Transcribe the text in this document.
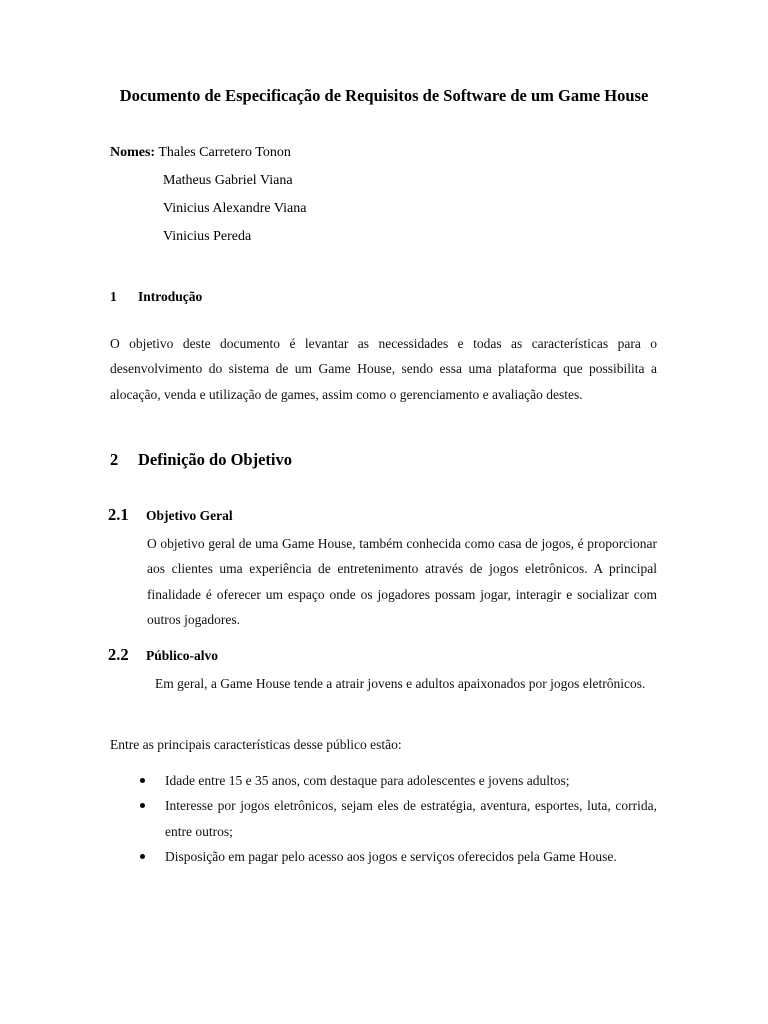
Documento de Especificação de Requisitos de Software de um Game House
Nomes: Thales Carretero Tonon
Matheus Gabriel Viana
Vinicius Alexandre Viana
Vinicius Pereda
1 Introdução
O objetivo deste documento é levantar as necessidades e todas as características para o desenvolvimento do sistema de um Game House, sendo essa uma plataforma que possibilita a alocação, venda e utilização de games, assim como o gerenciamento e avaliação destes.
2 Definição do Objetivo
2.1 Objetivo Geral
O objetivo geral de uma Game House, também conhecida como casa de jogos, é proporcionar aos clientes uma experiência de entretenimento através de jogos eletrônicos. A principal finalidade é oferecer um espaço onde os jogadores possam jogar, interagir e socializar com outros jogadores.
2.2 Público-alvo
Em geral, a Game House tende a atrair jovens e adultos apaixonados por jogos eletrônicos.
Entre as principais características desse público estão:
Idade entre 15 e 35 anos, com destaque para adolescentes e jovens adultos;
Interesse por jogos eletrônicos, sejam eles de estratégia, aventura, esportes, luta, corrida, entre outros;
Disposição em pagar pelo acesso aos jogos e serviços oferecidos pela Game House.
